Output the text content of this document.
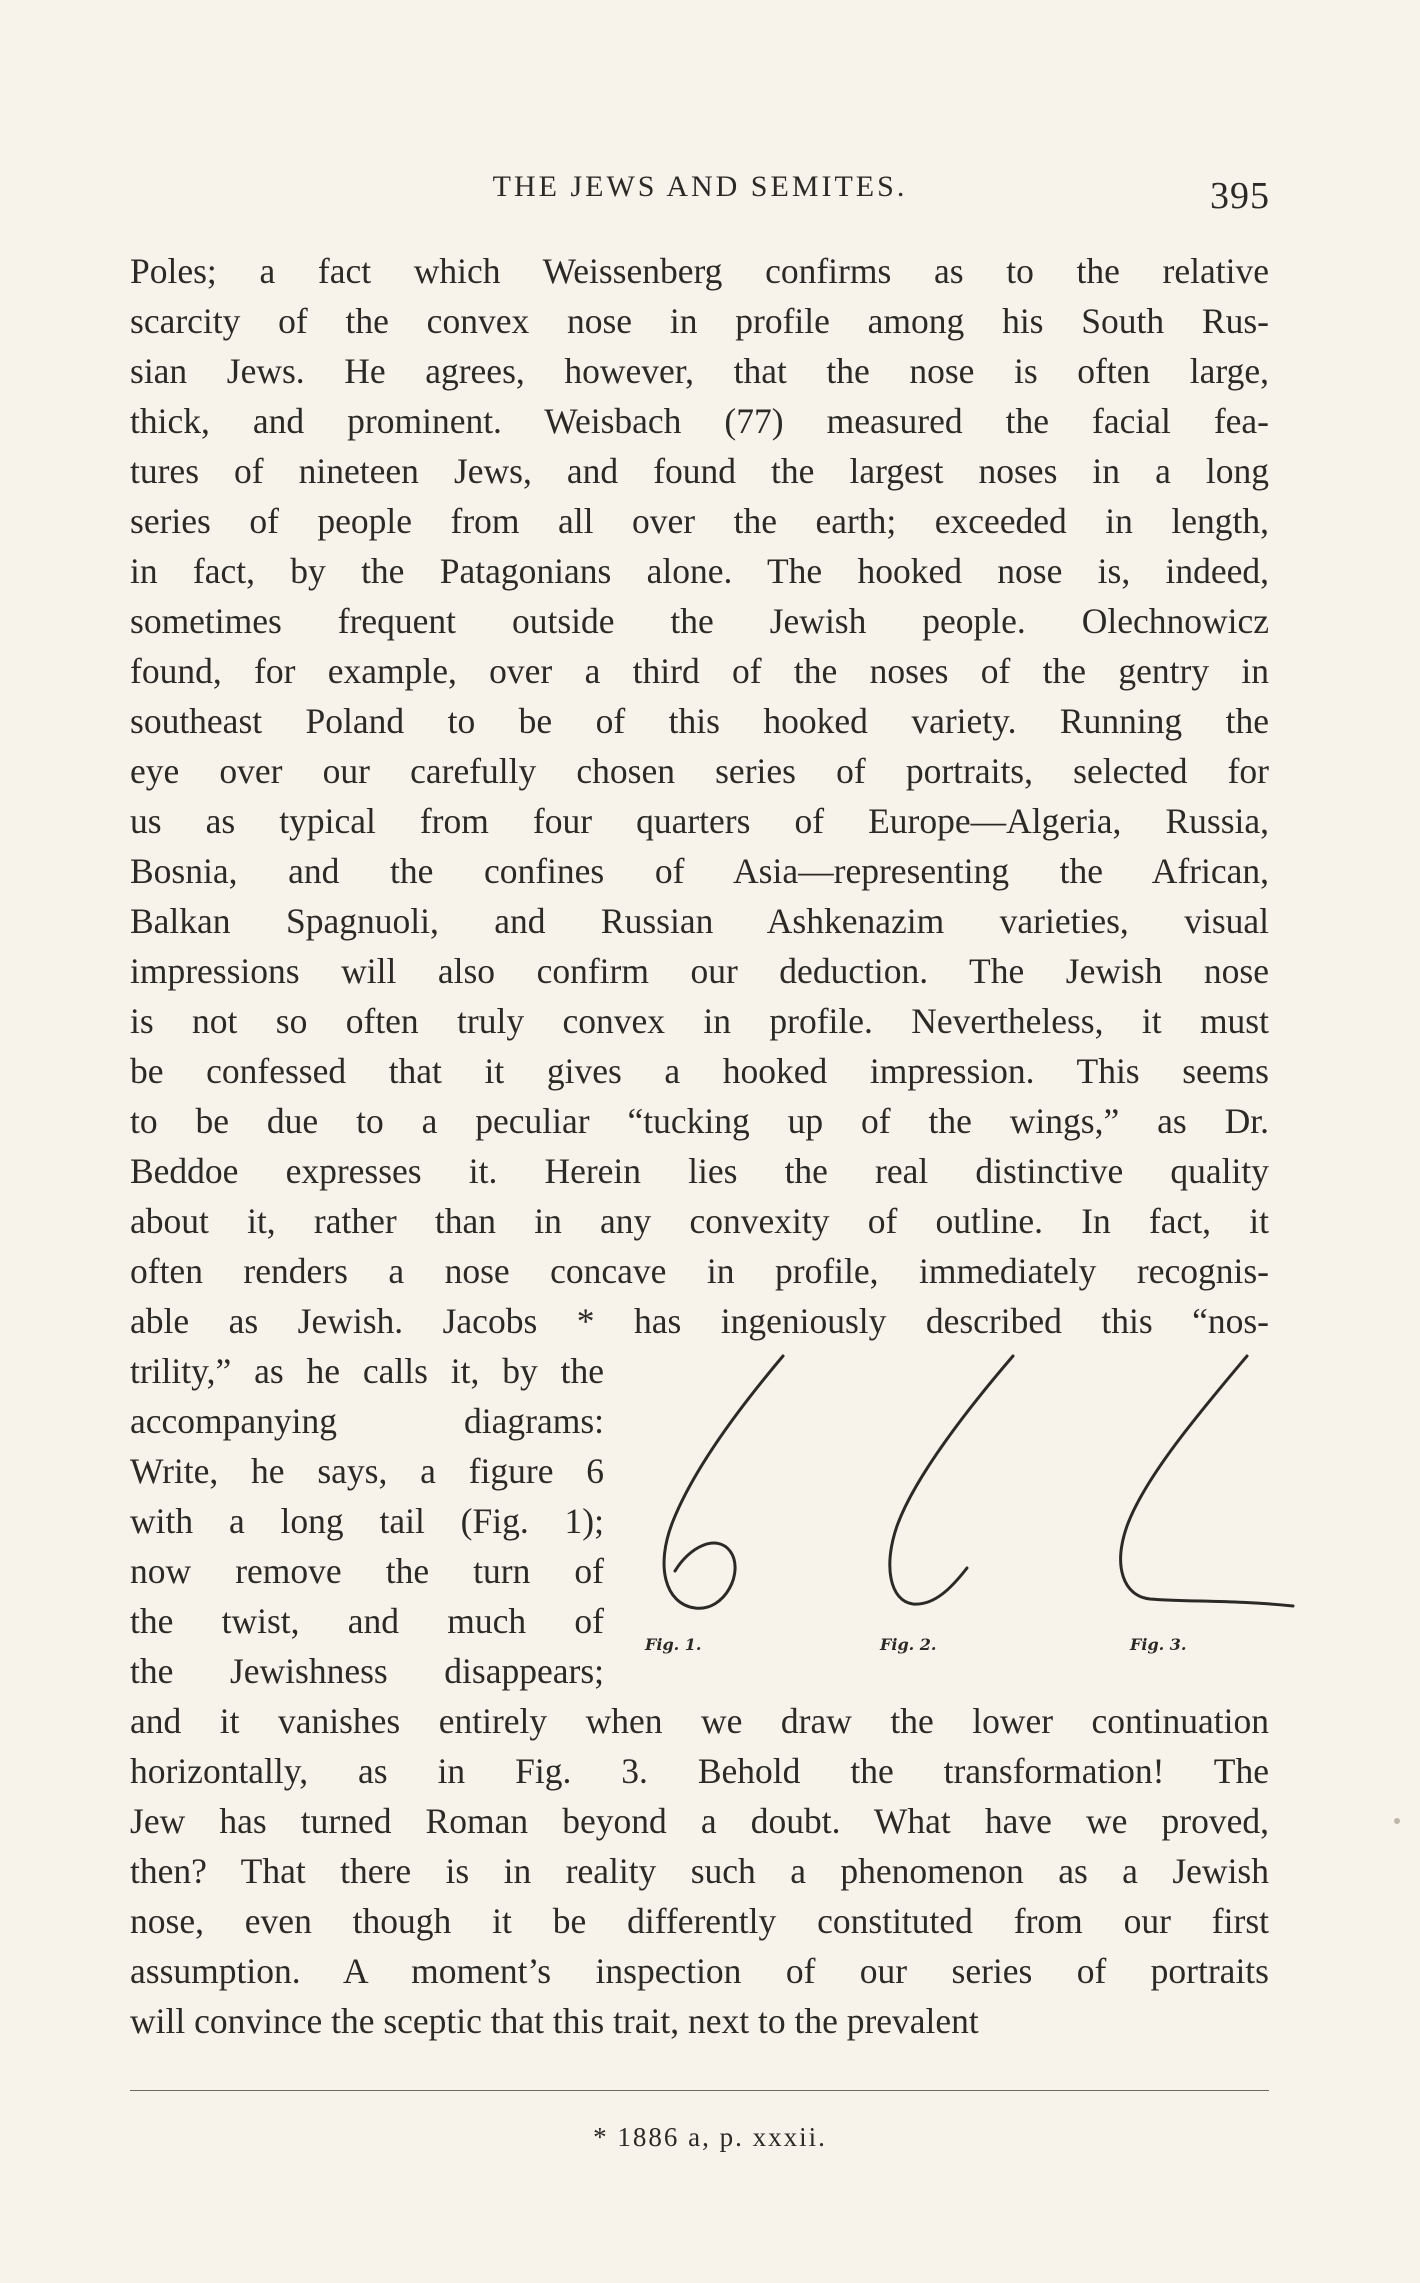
THE JEWS AND SEMITES.	395
Poles; a fact which Weissenberg confirms as to the relative
scarcity of the convex nose in profile among his South Rus-
sian Jews. He agrees, however, that the nose is often large,
thick, and prominent. Weisbach (77) measured the facial fea-
tures of nineteen Jews, and found the largest noses in a long
series of people from all over the earth; exceeded in length,
in fact, by the Patagonians alone. The hooked nose is, indeed,
sometimes frequent outside the Jewish people. Olechnowicz
found, for example, over a third of the noses of the gentry in
southeast Poland to be of this hooked variety. Running the
eye over our carefully chosen series of portraits, selected for
us as typical from four quarters of Europe—Algeria, Russia,
Bosnia, and the confines of Asia—representing the African,
Balkan Spagnuoli, and Russian Ashkenazim varieties, visual
impressions will also confirm our deduction. The Jewish nose
is not so often truly convex in profile. Nevertheless, it must
be confessed that it gives a hooked impression. This seems
to be due to a peculiar “tucking up of the wings,” as Dr.
Beddoe expresses it. Herein lies the real distinctive quality
about it, rather than in any convexity of outline. In fact, it
often renders a nose concave in profile, immediately recognis-
able as Jewish. Jacobs * has ingeniously described this “nos-
trility,” as he calls it, by the
accompanying diagrams:
Write, he says, a figure 6
with a long tail (Fig. 1);
now remove the turn of
the twist, and much of
the Jewishness disappears;
Fig. 1.	Fig. 2.	Fig. 3.
and it vanishes entirely when we draw the lower continuation
horizontally, as in Fig. 3. Behold the transformation! The
Jew has turned Roman beyond a doubt. What have we proved,
then? That there is in reality such a phenomenon as a Jewish
nose, even though it be differently constituted from our first
assumption. A moment’s inspection of our series of portraits
will convince the sceptic that this trait, next to the prevalent
* 1886 a, p. xxxii.
